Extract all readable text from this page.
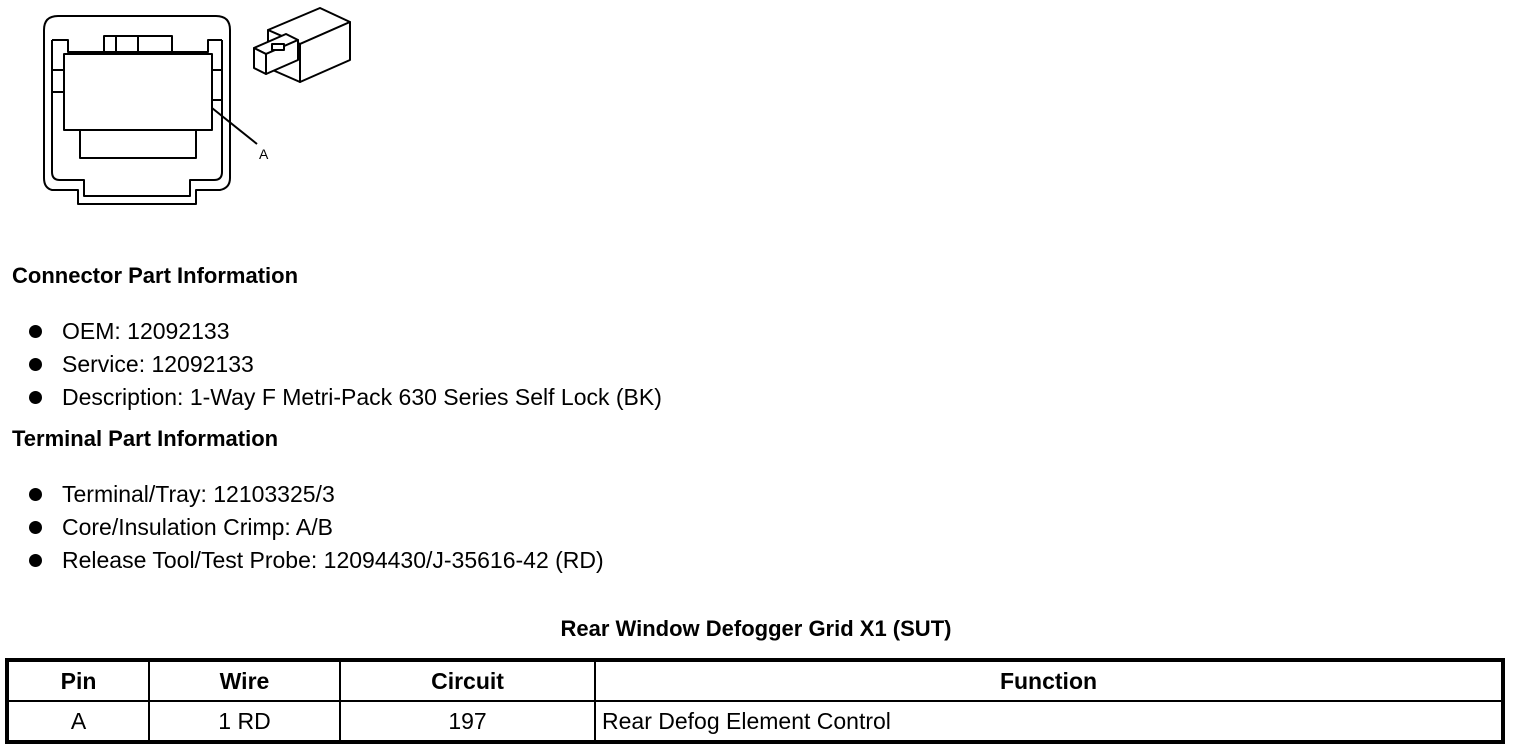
A
Connector Part Information
OEM: 12092133
Service: 12092133
Description: 1-Way F Metri-Pack 630 Series Self Lock (BK)
Terminal Part Information
Terminal/Tray: 12103325/3
Core/Insulation Crimp: A/B
Release Tool/Test Probe: 12094430/J-35616-42 (RD)
Rear Window Defogger Grid X1 (SUT)
Pin	Wire	Circuit	Function
A	1 RD	197	Rear Defog Element Control
